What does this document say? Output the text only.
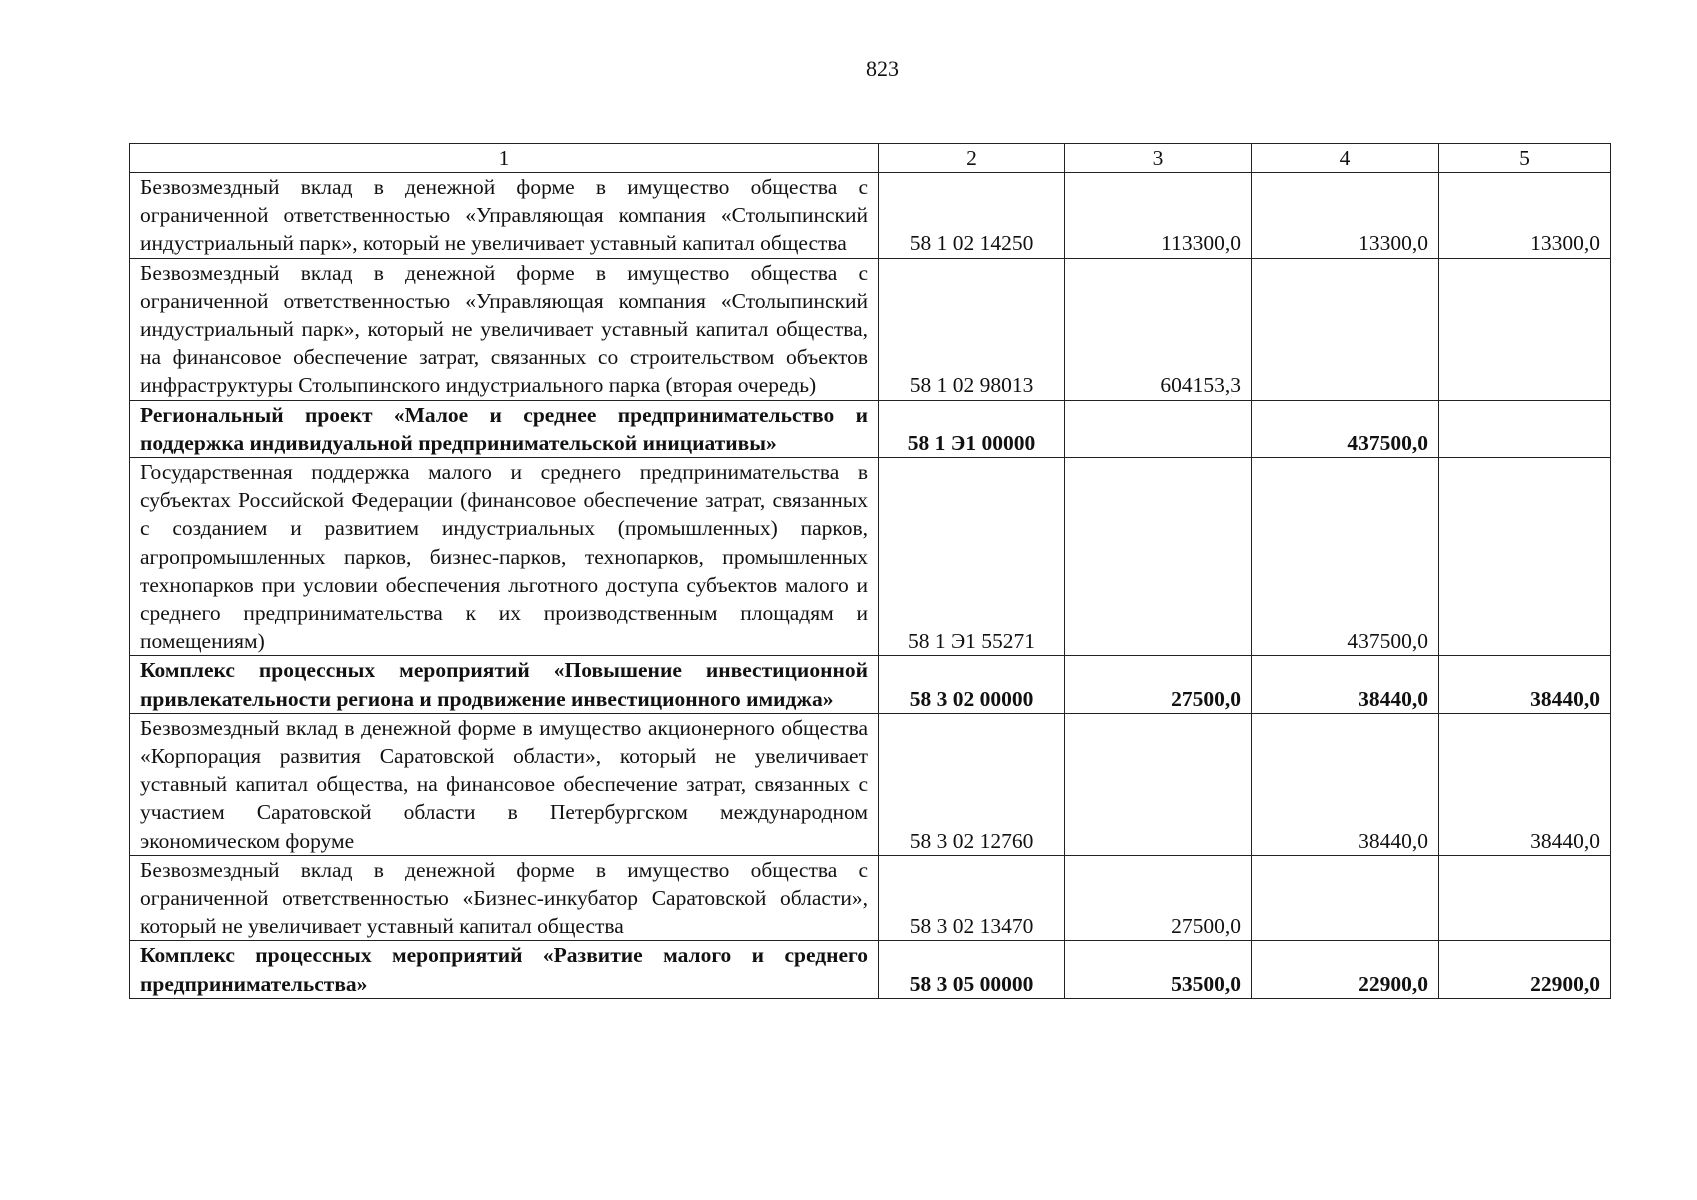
823
1	2	3	4	5
Безвозмездный вклад в денежной форме в имущество общества с ограниченной ответственностью «Управляющая компания «Столыпинский индустриальный парк», который не увеличивает уставный капитал общества	58 1 02 14250	113300,0	13300,0	13300,0
Безвозмездный вклад в денежной форме в имущество общества с ограниченной ответственностью «Управляющая компания «Столыпинский индустриальный парк», который не увеличивает уставный капитал общества, на финансовое обеспечение затрат, связанных со строительством объектов инфраструктуры Столыпинского индустриального парка (вторая очередь)	58 1 02 98013	604153,3		
Региональный проект «Малое и среднее предпринимательство и поддержка индивидуальной предпринимательской инициативы»	58 1 Э1 00000		437500,0	
Государственная поддержка малого и среднего предпринимательства в субъектах Российской Федерации (финансовое обеспечение затрат, связанных с созданием и развитием индустриальных (промышленных) парков, агропромышленных парков, бизнес-парков, технопарков, промышленных технопарков при условии обеспечения льготного доступа субъектов малого и среднего предпринимательства к их производственным площадям и помещениям)	58 1 Э1 55271		437500,0	
Комплекс процессных мероприятий «Повышение инвестиционной привлекательности региона и продвижение инвестиционного имиджа»	58 3 02 00000	27500,0	38440,0	38440,0
Безвозмездный вклад в денежной форме в имущество акционерного общества «Корпорация развития Саратовской области», который не увеличивает уставный капитал общества, на финансовое обеспечение затрат, связанных с участием Саратовской области в Петербургском международном экономическом форуме	58 3 02 12760		38440,0	38440,0
Безвозмездный вклад в денежной форме в имущество общества с ограниченной ответственностью «Бизнес-инкубатор Саратовской области», который не увеличивает уставный капитал общества	58 3 02 13470	27500,0		
Комплекс процессных мероприятий «Развитие малого и среднего предпринимательства»	58 3 05 00000	53500,0	22900,0	22900,0
